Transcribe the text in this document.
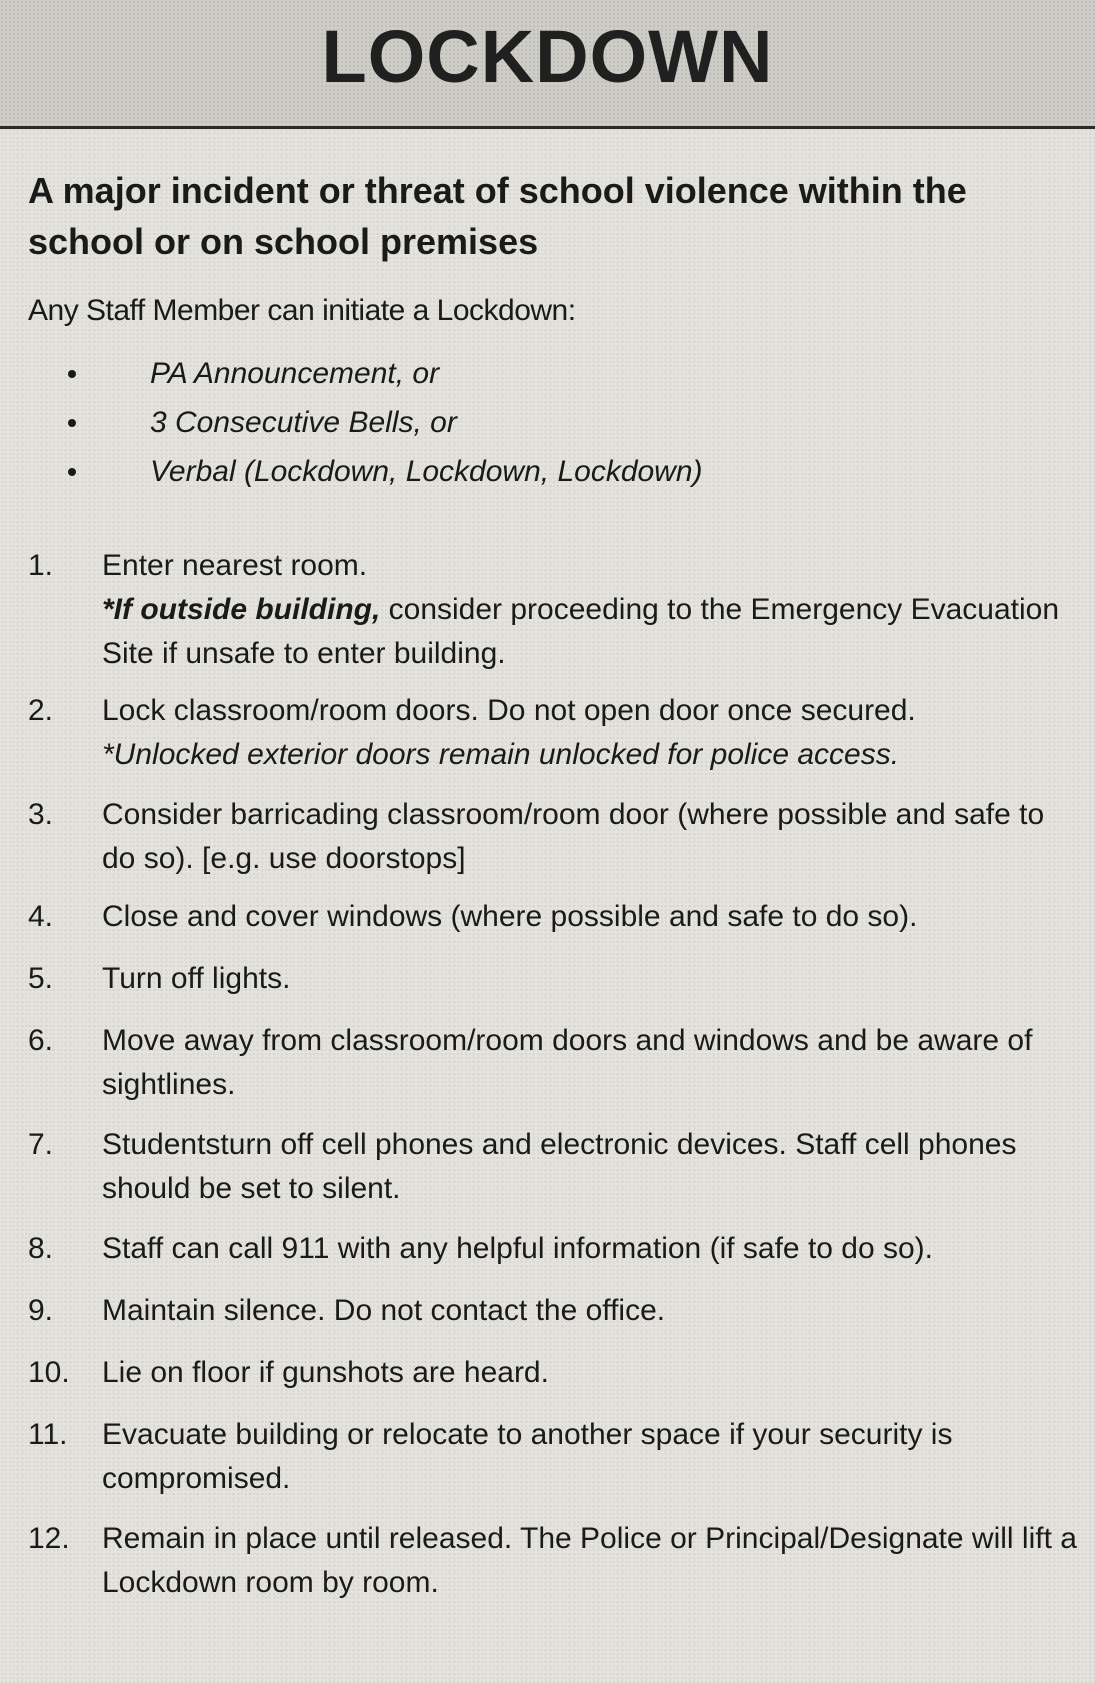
LOCKDOWN
A major incident or threat of school violence within the school or on school premises
Any Staff Member can initiate a Lockdown:
PA Announcement, or
3 Consecutive Bells, or
Verbal (Lockdown, Lockdown, Lockdown)
1. Enter nearest room.
*If outside building, consider proceeding to the Emergency Evacuation Site if unsafe to enter building.
2. Lock classroom/room doors. Do not open door once secured.
*Unlocked exterior doors remain unlocked for police access.
3. Consider barricading classroom/room door (where possible and safe to do so). [e.g. use doorstops]
4. Close and cover windows (where possible and safe to do so).
5. Turn off lights.
6. Move away from classroom/room doors and windows and be aware of sightlines.
7. Studentsturn off cell phones and electronic devices. Staff cell phones should be set to silent.
8. Staff can call 911 with any helpful information (if safe to do so).
9. Maintain silence. Do not contact the office.
10. Lie on floor if gunshots are heard.
11. Evacuate building or relocate to another space if your security is compromised.
12. Remain in place until released. The Police or Principal/Designate will lift a Lockdown room by room.
